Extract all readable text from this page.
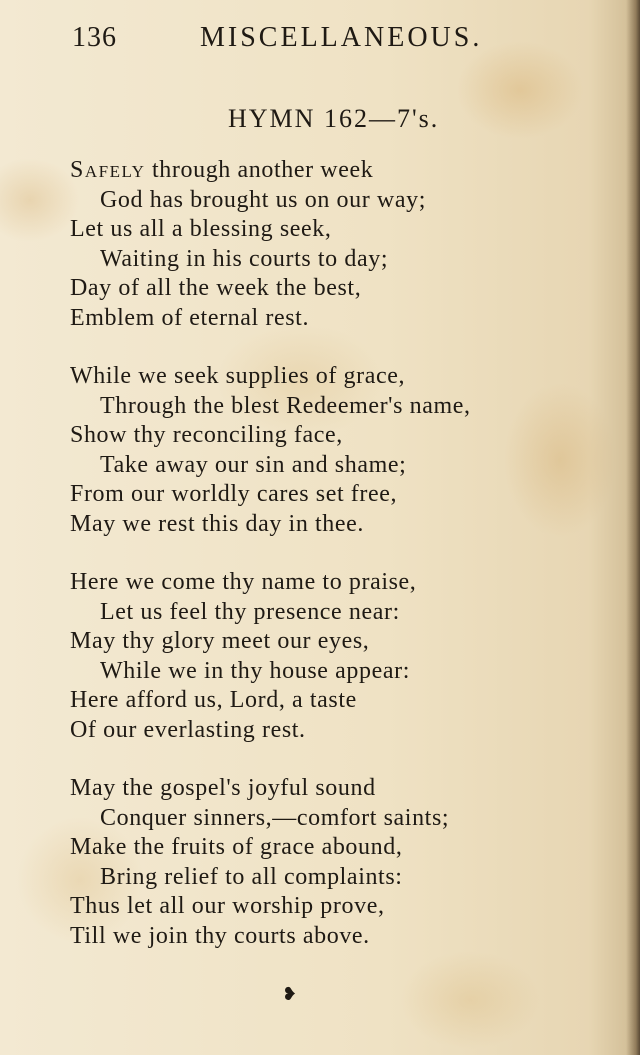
136	MISCELLANEOUS.
HYMN 162—7's.
Safely through another week
God has brought us on our way;
Let us all a blessing seek,
Waiting in his courts to day;
Day of all the week the best,
Emblem of eternal rest.
While we seek supplies of grace,
Through the blest Redeemer's name,
Show thy reconciling face,
Take away our sin and shame;
From our worldly cares set free,
May we rest this day in thee.
Here we come thy name to praise,
Let us feel thy presence near:
May thy glory meet our eyes,
While we in thy house appear:
Here afford us, Lord, a taste
Of our everlasting rest.
May the gospel's joyful sound
Conquer sinners,—comfort saints;
Make the fruits of grace abound,
Bring relief to all complaints:
Thus let all our worship prove,
Till we join thy courts above.
❥
